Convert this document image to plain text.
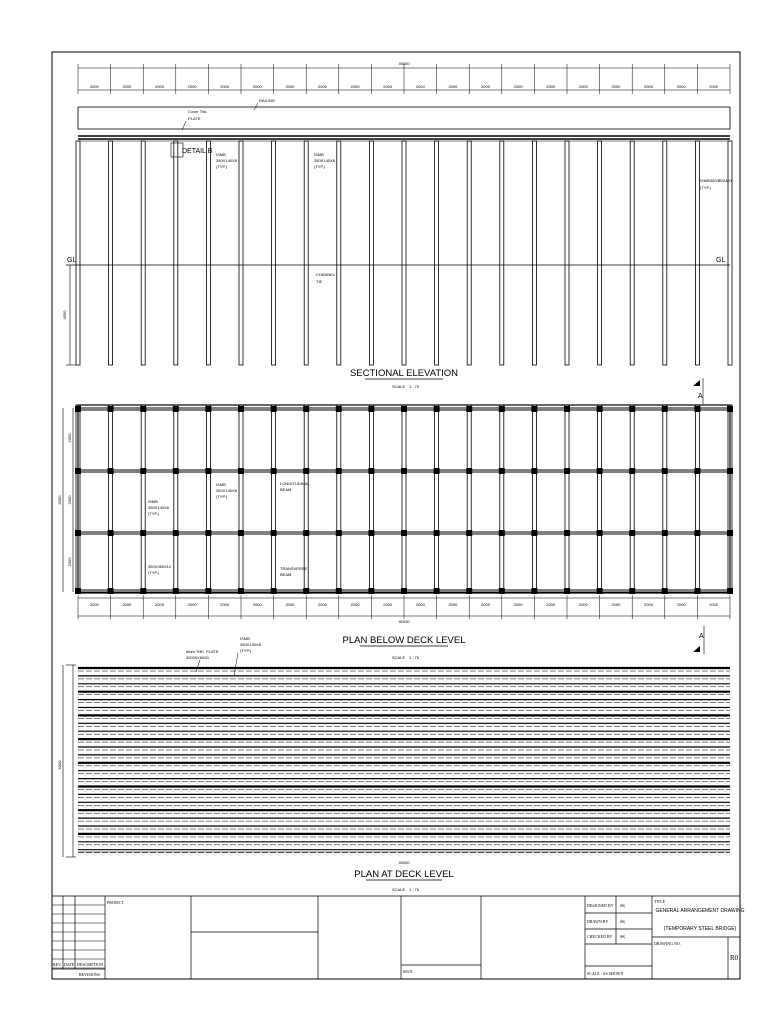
40000
2000	2000	2000	2000	2000	2000	2000	2000	2000	2000	2000	2000	2000	2000	2000	2000	2000	2000	2000	2000
GL	GL
4000
DETAIL B
Cover Thk.
PLATE
RAILING
ISMB
350X140X8
(TYP.)
ISMB
350X140X8
(TYP.)
CHANNEL
TIE
ISMB300/BEAM/1
(TYP.)
SECTIONAL ELEVATION
SCALE 1 : 75
A
2000	2000	2000	2000	2000	2000	2000	2000	2000	2000	2000	2000	2000	2000	2000	2000	2000	2000	2000	2000
6000
2000
2000
2000
40000
ISMB
350X140X8
(TYP.)
ISMB
350X140X8
(TYP.)
LONGITUDINAL
BEAM
350X350X12
(TYP.)
TRANSVERSE
BEAM
PLAN BELOW DECK LEVEL
SCALE 1 : 75
A
6000
40000
6mm THK. PLATE
40000X6000
ISMB
350X140X8
(TYP.)
PLAN AT DECK LEVEL
SCALE 1 : 75
PROJECT
REV. DATE DESCRIPTION
REVISIONS
SIGN
DESIGNED BY SK
DRAWN BY	SK
CHECKED BY SK
SCALE : AS SHOWN
TITLE
GENERAL ARRANGEMENT DRAWING
(TEMPORARY STEEL BRIDGE)
DRAWING NO.
R0
